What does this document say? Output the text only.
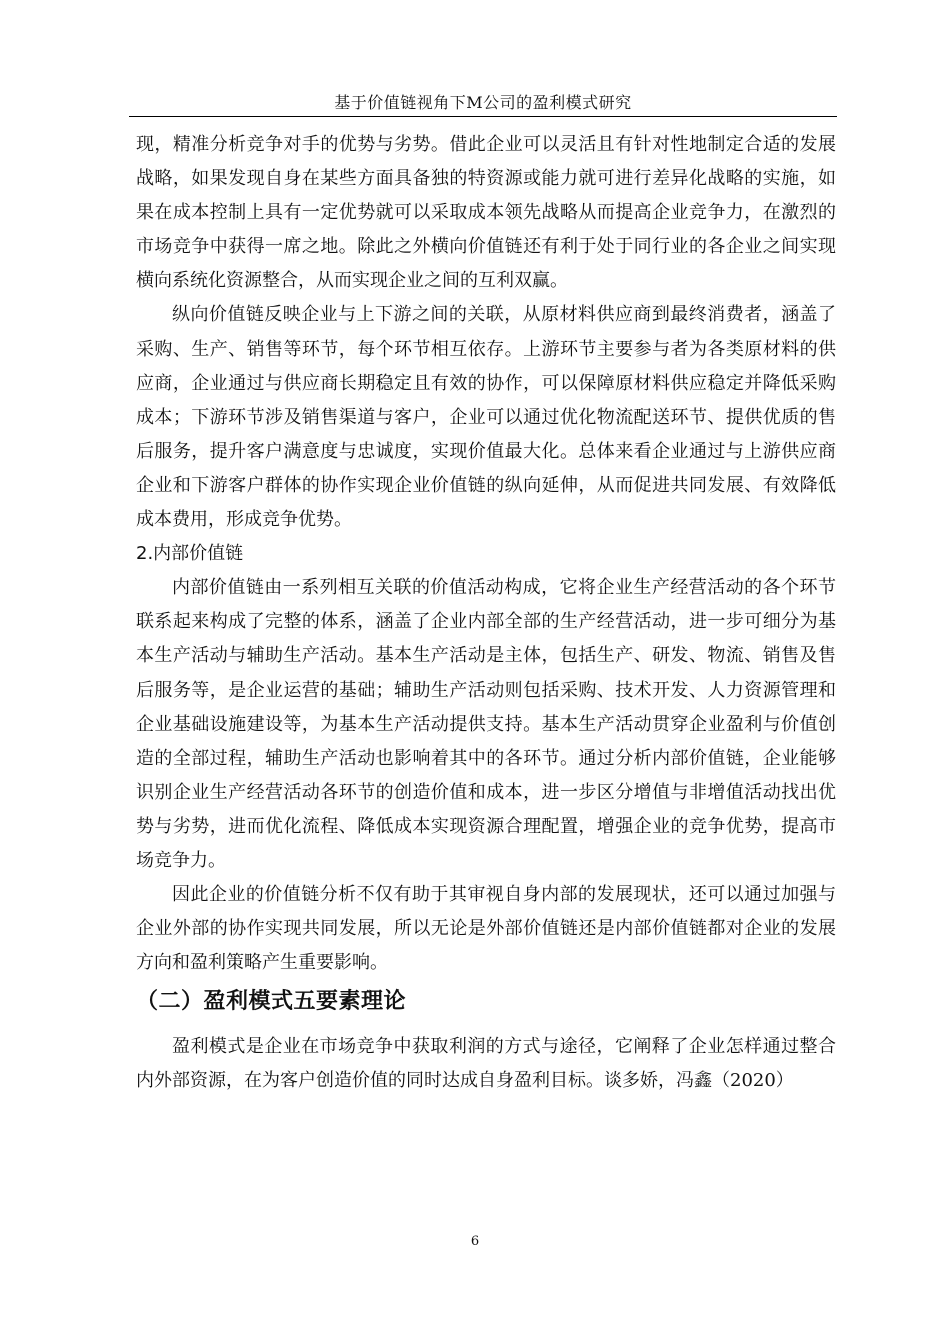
基于价值链视角下M公司的盈利模式研究

现，精准分析竞争对手的优势与劣势。借此企业可以灵活且有针对性地制定合适的发展战略，如果发现自身在某些方面具备独的特资源或能力就可进行差异化战略的实施，如果在成本控制上具有一定优势就可以采取成本领先战略从而提高企业竞争力，在激烈的市场竞争中获得一席之地。除此之外横向价值链还有利于处于同行业的各企业之间实现横向系统化资源整合，从而实现企业之间的互利双赢。

纵向价值链反映企业与上下游之间的关联，从原材料供应商到最终消费者，涵盖了采购、生产、销售等环节，每个环节相互依存。上游环节主要参与者为各类原材料的供应商，企业通过与供应商长期稳定且有效的协作，可以保障原材料供应稳定并降低采购成本；下游环节涉及销售渠道与客户，企业可以通过优化物流配送环节、提供优质的售后服务，提升客户满意度与忠诚度，实现价值最大化。总体来看企业通过与上游供应商企业和下游客户群体的协作实现企业价值链的纵向延伸，从而促进共同发展、有效降低成本费用，形成竞争优势。

2.内部价值链

内部价值链由一系列相互关联的价值活动构成，它将企业生产经营活动的各个环节联系起来构成了完整的体系，涵盖了企业内部全部的生产经营活动，进一步可细分为基本生产活动与辅助生产活动。基本生产活动是主体，包括生产、研发、物流、销售及售后服务等，是企业运营的基础；辅助生产活动则包括采购、技术开发、人力资源管理和企业基础设施建设等，为基本生产活动提供支持。基本生产活动贯穿企业盈利与价值创造的全部过程，辅助生产活动也影响着其中的各环节。通过分析内部价值链，企业能够识别企业生产经营活动各环节的创造价值和成本，进一步区分增值与非增值活动找出优势与劣势，进而优化流程、降低成本实现资源合理配置，增强企业的竞争优势，提高市场竞争力。

因此企业的价值链分析不仅有助于其审视自身内部的发展现状，还可以通过加强与企业外部的协作实现共同发展，所以无论是外部价值链还是内部价值链都对企业的发展方向和盈利策略产生重要影响。

（二）盈利模式五要素理论

盈利模式是企业在市场竞争中获取利润的方式与途径，它阐释了企业怎样通过整合内外部资源，在为客户创造价值的同时达成自身盈利目标。谈多娇，冯鑫（2020）

6
